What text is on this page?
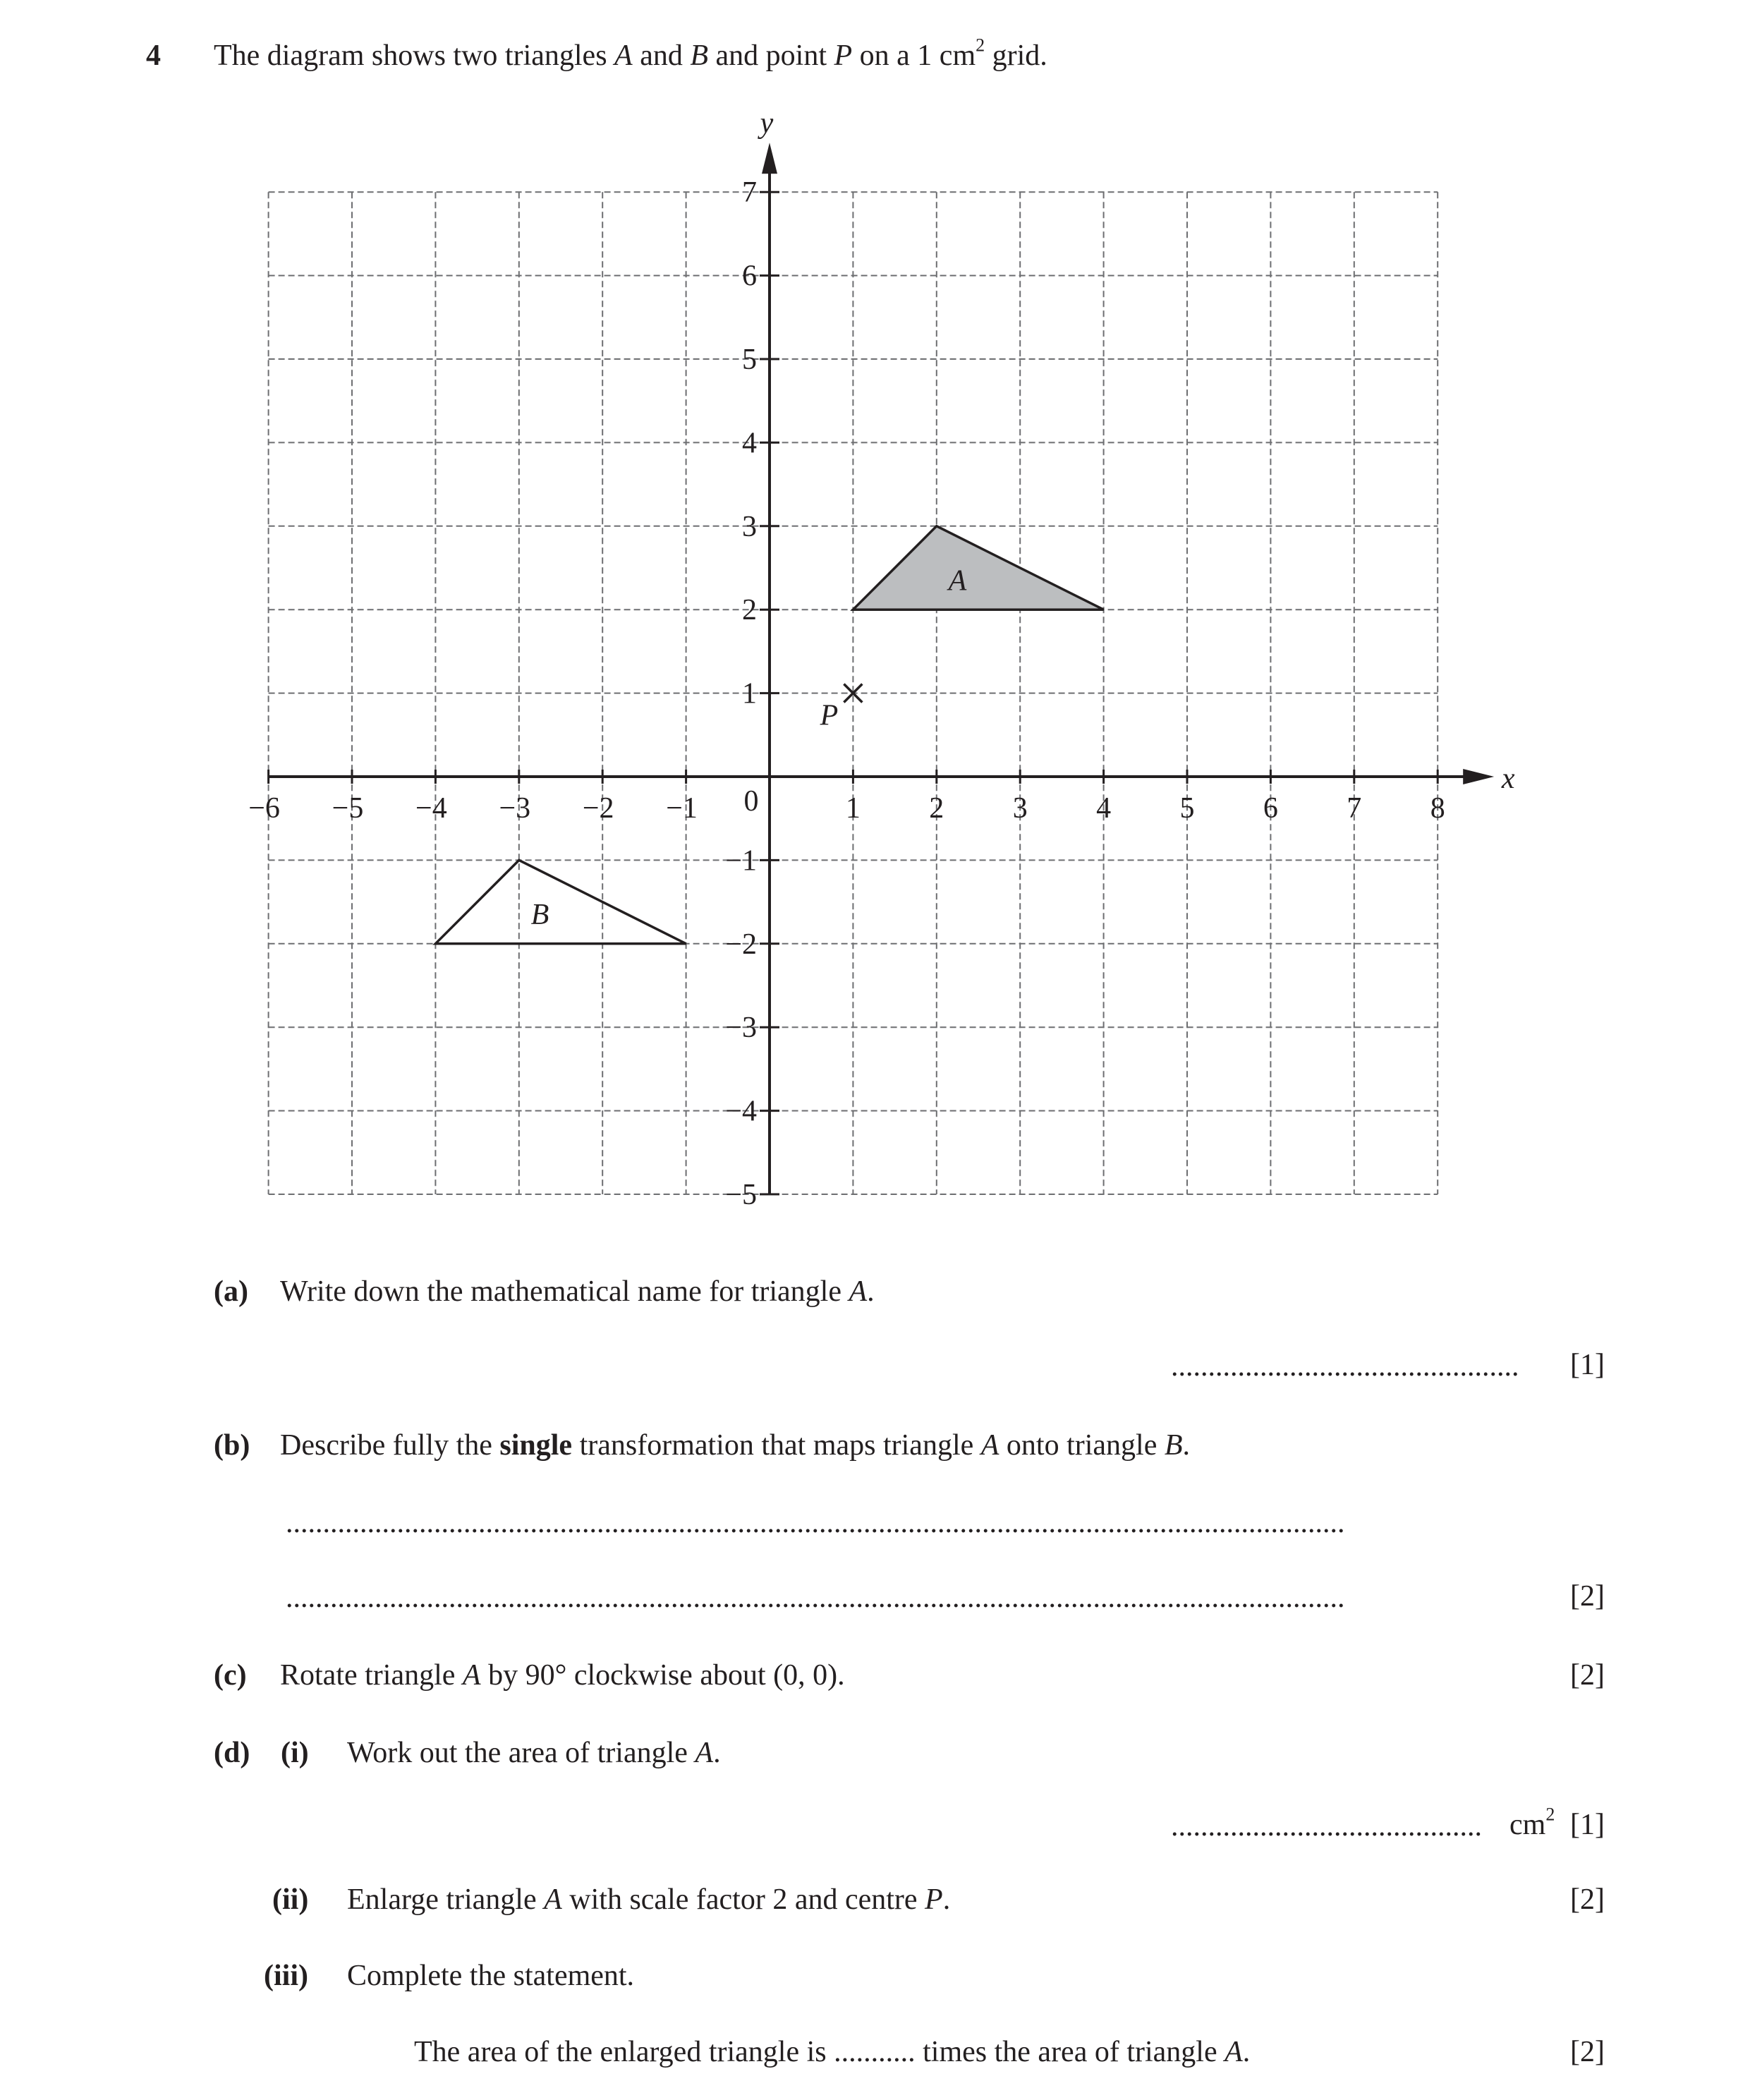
4 The diagram shows two triangles A and B and point P on a 1 $cm^2$ grid.
A
B
P
−6 −5 −4 −3 −2 −1	1 2 3 4 5 6 7 8
7
6
5
4
3
2
1
−1
−2
−3
−4
−5
0
x
y
(a) Write down the mathematical name for triangle A.
...............................................	[1]
(b) Describe fully the single transformation that maps triangle A onto triangle B.
...............................................................................................................................................
...............................................................................................................................................	[2]
(c) Rotate triangle A by 90° clockwise about (0, 0).	[2]
(d) (i) Work out the area of triangle A.
.......................................... $cm^2$ [1]
(ii) Enlarge triangle A with scale factor 2 and centre P.	[2]
(iii) Complete the statement.
The area of the enlarged triangle is ........... times the area of triangle A.	[2]
